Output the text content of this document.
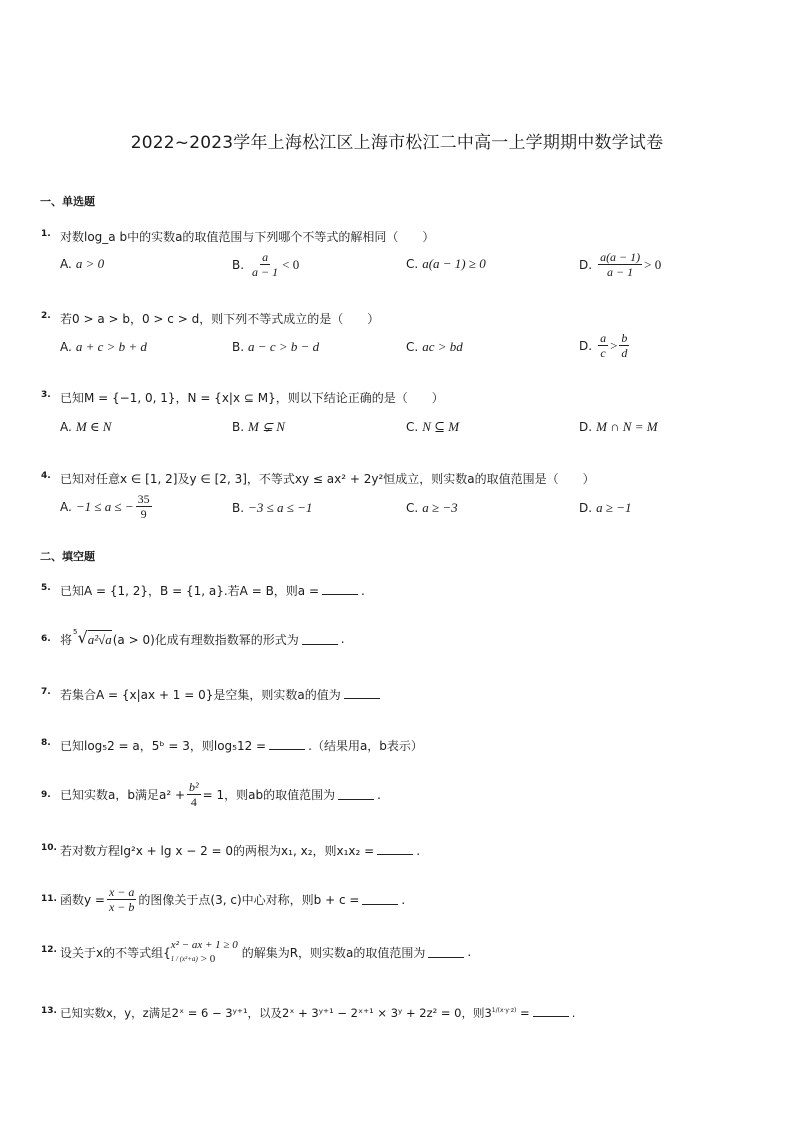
2022~2023学年上海松江区上海市松江二中高一上学期期中数学试卷
一、单选题
1. 对数log_a b中的实数a的取值范围与下列哪个不等式的解相同（　　）
A. a > 0	B. $\frac{a}{a - 1} < 0$	C. a(a − 1) ≥ 0	D. $\frac{a(a - 1)}{a - 1} > 0$
2. 若0 > a > b，0 > c > d，则下列不等式成立的是（　　）
A. a + c > b + d	B. a − c > b − d	C. ac > bd	D. $\frac{a}{c} > \frac{b}{d}$
3. 已知M = {−1, 0, 1}，N = {x|x ⊆ M}，则以下结论正确的是（　　）
A. M ∈ N	B. M ⊊ N	C. N ⊆ M	D. M ∩ N = M
4. 已知对任意x ∈ [1, 2]及y ∈ [2, 3]，不等式xy ≤ ax² + 2y²恒成立，则实数a的取值范围是（　　）
A. −1 ≤ a ≤ − $\frac{35}{9}$	B. −3 ≤ a ≤ −1	C. a ≥ −3	D. a ≥ −1
二、填空题
5. 已知A = {1, 2}，B = {1, a}.若A = B，则a =	.
6. 将
5 √ a²√a (a > 0)化成有理数指数幂的形式为	.
7. 若集合A = {x|ax + 1 = 0}是空集，则实数a的值为
8. 已知log₅2 = a，5ᵇ = 3，则log₅12 =	.（结果用a，b表示）
9. 已知实数a，b满足$a^2 + \frac{\text{b²}}{4} = 1$，则ab的取值范围为	.
10. 若对数方程lg²x + lg x − 2 = 0的两根为x₁, x₂，则x₁x₂ =	.
11. 函数$y = \frac{x - a}{x - b}$ 的图像关于点(3, c)中心对称，则b + c =	.
12. 设关于x的不等式组{
x² − ax + 1 ≥ 0
1 / (x²+a) > 0 的解集为R，则实数a的取值范围为	.
13. 已知实数x，y，z满足2ˣ = 6 − 3ʸ⁺¹，以及2ˣ + 3ʸ⁺¹ − 2ˣ⁺¹ × 3ʸ + 2z² = 0，则$3^{1/(x\cdot y\cdot z)}$ =	.
